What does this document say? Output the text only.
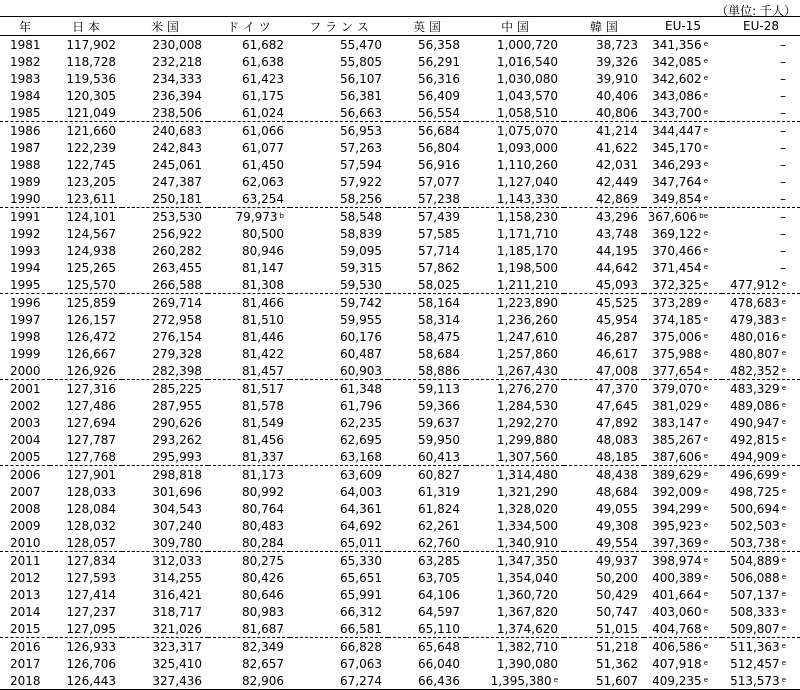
（単位: 千人）
年	日 本	米 国	ド イ ツ	フ ラ ン ス	英 国	中 国	韓 国	EU-15	EU-28
1981	117,902	230,008	61,682	55,470	56,358	1,000,720	38,723	341,356 $^e$	–
1982	118,728	232,218	61,638	55,805	56,291	1,016,540	39,326	342,085 $^e$	–
1983	119,536	234,333	61,423	56,107	56,316	1,030,080	39,910	342,602 $^e$	–
1984	120,305	236,394	61,175	56,381	56,409	1,043,570	40,406	343,086 $^e$	–
1985	121,049	238,506	61,024	56,663	56,554	1,058,510	40,806	343,700 $^e$	–
1986	121,660	240,683	61,066	56,953	56,684	1,075,070	41,214	344,447 $^e$	–
1987	122,239	242,843	61,077	57,263	56,804	1,093,000	41,622	345,170 $^e$	–
1988	122,745	245,061	61,450	57,594	56,916	1,110,260	42,031	346,293 $^e$	–
1989	123,205	247,387	62,063	57,922	57,077	1,127,040	42,449	347,764 $^e$	–
1990	123,611	250,181	63,254	58,256	57,238	1,143,330	42,869	349,854 $^e$	–
1991	124,101	253,530	79,973 $^b$	58,548	57,439	1,158,230	43,296	367,606 $^{be}$	–
1992	124,567	256,922	80,500	58,839	57,585	1,171,710	43,748	369,122 $^e$	–
1993	124,938	260,282	80,946	59,095	57,714	1,185,170	44,195	370,466 $^e$	–
1994	125,265	263,455	81,147	59,315	57,862	1,198,500	44,642	371,454 $^e$	–
1995	125,570	266,588	81,308	59,530	58,025	1,211,210	45,093	372,325 $^e$	477,912 $^e$
1996	125,859	269,714	81,466	59,742	58,164	1,223,890	45,525	373,289 $^e$	478,683 $^e$
1997	126,157	272,958	81,510	59,955	58,314	1,236,260	45,954	374,185 $^e$	479,383 $^e$
1998	126,472	276,154	81,446	60,176	58,475	1,247,610	46,287	375,006 $^e$	480,016 $^e$
1999	126,667	279,328	81,422	60,487	58,684	1,257,860	46,617	375,988 $^e$	480,807 $^e$
2000	126,926	282,398	81,457	60,903	58,886	1,267,430	47,008	377,654 $^e$	482,352 $^e$
2001	127,316	285,225	81,517	61,348	59,113	1,276,270	47,370	379,070 $^e$	483,329 $^e$
2002	127,486	287,955	81,578	61,796	59,366	1,284,530	47,645	381,029 $^e$	489,086 $^e$
2003	127,694	290,626	81,549	62,235	59,637	1,292,270	47,892	383,147 $^e$	490,947 $^e$
2004	127,787	293,262	81,456	62,695	59,950	1,299,880	48,083	385,267 $^e$	492,815 $^e$
2005	127,768	295,993	81,337	63,168	60,413	1,307,560	48,185	387,606 $^e$	494,909 $^e$
2006	127,901	298,818	81,173	63,609	60,827	1,314,480	48,438	389,629 $^e$	496,699 $^e$
2007	128,033	301,696	80,992	64,003	61,319	1,321,290	48,684	392,009 $^e$	498,725 $^e$
2008	128,084	304,543	80,764	64,361	61,824	1,328,020	49,055	394,299 $^e$	500,694 $^e$
2009	128,032	307,240	80,483	64,692	62,261	1,334,500	49,308	395,923 $^e$	502,503 $^e$
2010	128,057	309,780	80,284	65,011	62,760	1,340,910	49,554	397,369 $^e$	503,738 $^e$
2011	127,834	312,033	80,275	65,330	63,285	1,347,350	49,937	398,974 $^e$	504,889 $^e$
2012	127,593	314,255	80,426	65,651	63,705	1,354,040	50,200	400,389 $^e$	506,088 $^e$
2013	127,414	316,421	80,646	65,991	64,106	1,360,720	50,429	401,664 $^e$	507,137 $^e$
2014	127,237	318,717	80,983	66,312	64,597	1,367,820	50,747	403,060 $^e$	508,333 $^e$
2015	127,095	321,026	81,687	66,581	65,110	1,374,620	51,015	404,768 $^e$	509,807 $^e$
2016	126,933	323,317	82,349	66,828	65,648	1,382,710	51,218	406,586 $^e$	511,363 $^e$
2017	126,706	325,410	82,657	67,063	66,040	1,390,080	51,362	407,918 $^e$	512,457 $^e$
2018	126,443	327,436	82,906	67,274	66,436	1,395,380 $^e$	51,607	409,235 $^e$	513,573 $^e$
